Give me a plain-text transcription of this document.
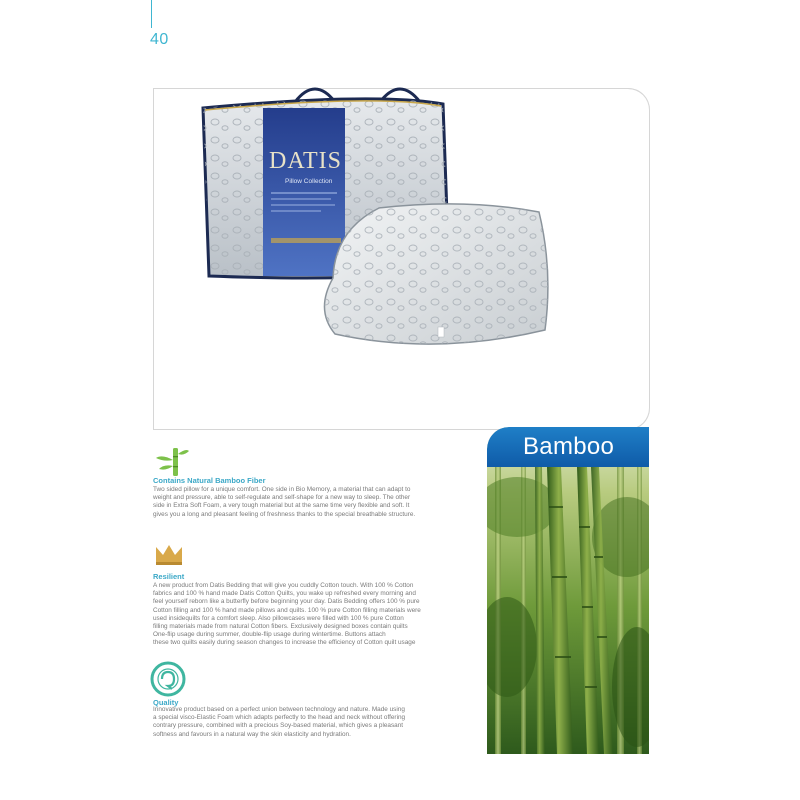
40
DATIS
Pillow Collection
Contains Natural Bamboo Fiber

Two sided pillow for a unique comfort. One side in Bio Memory, a material that can adapt to
weight and pressure, able to self-regulate and self-shape for a new way to sleep. The other
side in Extra Soft Foam, a very tough material but at the same time very flexible and soft. It
gives you a long and pleasant feeling of freshness thanks to the special breathable structure.

Resilient

A new product from Datis Bedding that will give you cuddly Cotton touch. With 100 % Cotton
fabrics and 100 % hand made Datis Cotton Quilts, you wake up refreshed every morning and
feel yourself reborn like a butterfly before beginning your day. Datis Bedding offers 100 % pure
Cotton filling and 100 % hand made pillows and quilts. 100 % pure Cotton filling materials were
used insidequilts for a comfort sleep. Also pillowcases were filled with 100 % pure Cotton
filling materials made from natural Cotton fibers. Exclusively designed boxes contain quilts
One-flip usage during summer, double-flip usage during wintertime. Buttons attach
these two quilts easily during season changes to increase the efficiency of Cotton quilt usage

Quality

Innovative product based on a perfect union between technology and nature. Made using
a special visco-Elastic Foam which adapts perfectly to the head and neck without offering
contrary pressure, combined with a precious Soy-based material, which gives a pleasant
softness and favours in a natural way the skin elasticity and hydration.

Bamboo
